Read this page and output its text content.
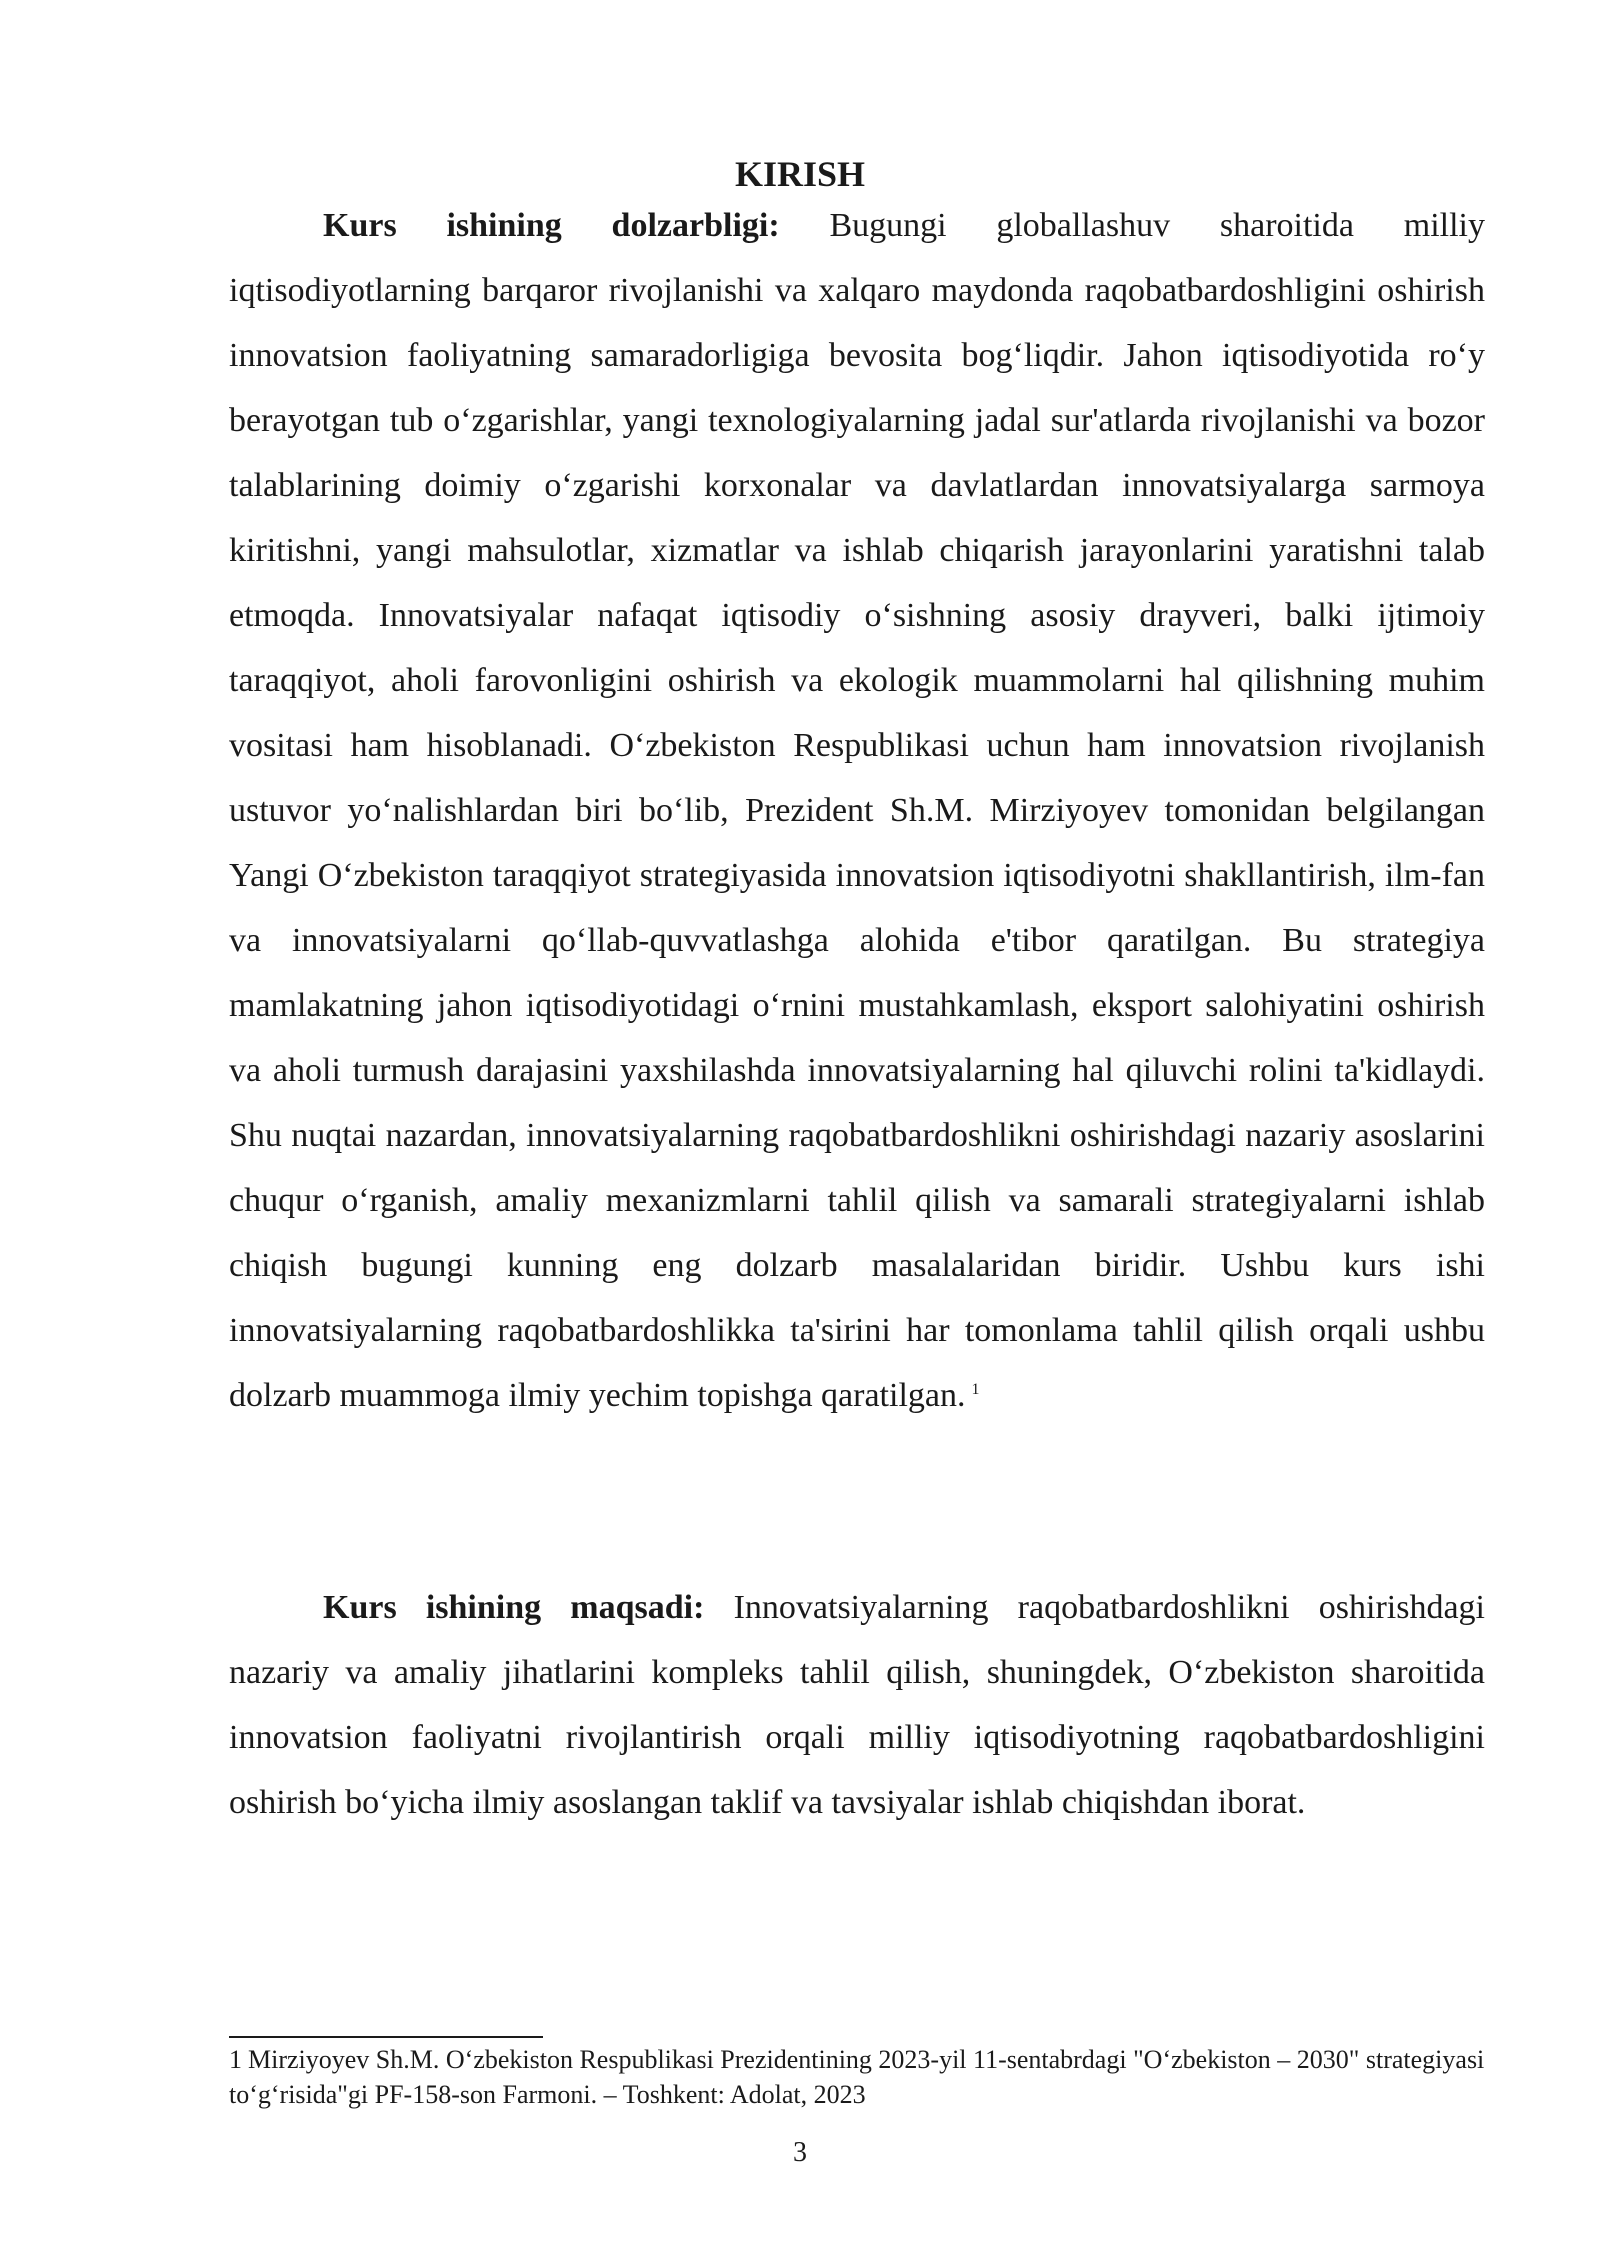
KIRISH

Kurs ishining dolzarbligi: Bugungi globallashuv sharoitida milliy iqtisodiyotlarning barqaror rivojlanishi va xalqaro maydonda raqobatbardoshligini oshirish innovatsion faoliyatning samaradorligiga bevosita bog‘liqdir. Jahon iqtisodiyotida ro‘y berayotgan tub o‘zgarishlar, yangi texnologiyalarning jadal sur'atlarda rivojlanishi va bozor talablarining doimiy o‘zgarishi korxonalar va davlatlardan innovatsiyalarga sarmoya kiritishni, yangi mahsulotlar, xizmatlar va ishlab chiqarish jarayonlarini yaratishni talab etmoqda. Innovatsiyalar nafaqat iqtisodiy o‘sishning asosiy drayveri, balki ijtimoiy taraqqiyot, aholi farovonligini oshirish va ekologik muammolarni hal qilishning muhim vositasi ham hisoblanadi. O‘zbekiston Respublikasi uchun ham innovatsion rivojlanish ustuvor yo‘nalishlardan biri bo‘lib, Prezident Sh.M. Mirziyoyev tomonidan belgilangan Yangi O‘zbekiston taraqqiyot strategiyasida innovatsion iqtisodiyotni shakllantirish, ilm-fan va innovatsiyalarni qo‘llab-quvvatlashga alohida e'tibor qaratilgan. Bu strategiya mamlakatning jahon iqtisodiyotidagi o‘rnini mustahkamlash, eksport salohiyatini oshirish va aholi turmush darajasini yaxshilashda innovatsiyalarning hal qiluvchi rolini ta'kidlaydi. Shu nuqtai nazardan, innovatsiyalarning raqobatbardoshlikni oshirishdagi nazariy asoslarini chuqur o‘rganish, amaliy mexanizmlarni tahlil qilish va samarali strategiyalarni ishlab chiqish bugungi kunning eng dolzarb masalalaridan biridir. Ushbu kurs ishi innovatsiyalarning raqobatbardoshlikka ta'sirini har tomonlama tahlil qilish orqali ushbu dolzarb muammoga ilmiy yechim topishga qaratilgan. $^1$

Kurs ishining maqsadi: Innovatsiyalarning raqobatbardoshlikni oshirishdagi nazariy va amaliy jihatlarini kompleks tahlil qilish, shuningdek, O‘zbekiston sharoitida innovatsion faoliyatni rivojlantirish orqali milliy iqtisodiyotning raqobatbardoshligini oshirish bo‘yicha ilmiy asoslangan taklif va tavsiyalar ishlab chiqishdan iborat.

1 Mirziyoyev Sh.M. O‘zbekiston Respublikasi Prezidentining 2023-yil 11-sentabrdagi "O‘zbekiston – 2030" strategiyasi to‘g‘risida"gi PF-158-son Farmoni. – Toshkent: Adolat, 2023

3
